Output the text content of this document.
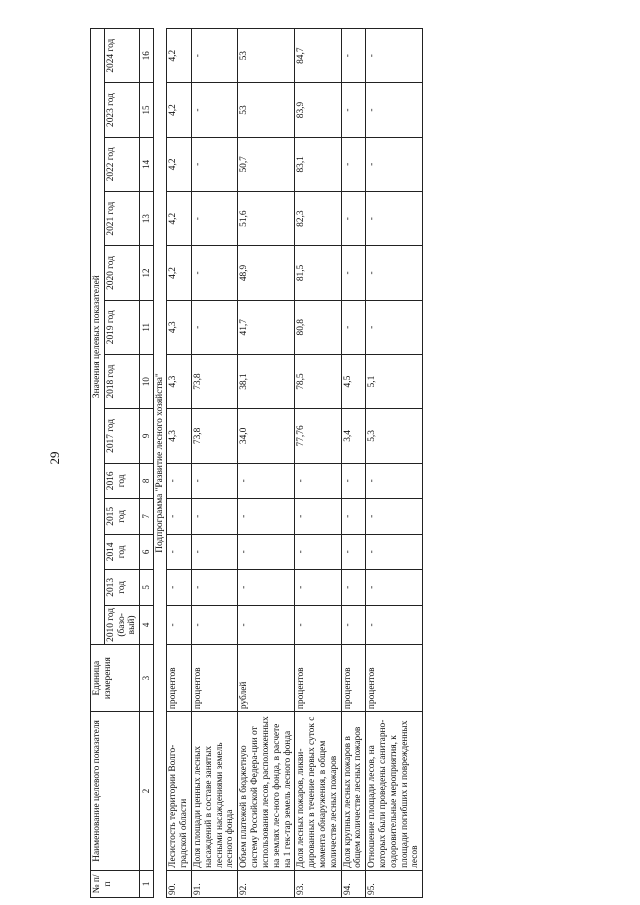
29
№ п/п	Наименование целевого показателя	Единица измерения	Значения целевых показателей												
			2010 год (базо-вый)	2013 год	2014 год	2015 год	2016 год	2017 год	2018 год	2019 год	2020 год	2021 год	2022 год	2023 год	2024 год
1	2	3	4	5	6	7	8	9	10	11	12	13	14	15	16
Подпрограмма "Развитие лесного хозяйства"															
90.	Лесистость территории Волго-градской области	процентов	-	-	-	-	-	4,3	4,3	4,3	4,2	4,2	4,2	4,2	4,2
91.	Доля площади ценных лесных насаждений в составе занятых лесными насаждениями земель лесного фонда	процентов	-	-	-	-	-	73,8	73,8	-	-	-	-	-	-
92.	Объем платежей в бюджетную систему Российской Федера-ции от использования лесов, расположенных на землях лес-ного фонда, в расчете на 1 гек-тар земель лесного фонда	рублей	-	-	-	-	-	34,0	38,1	41,7	48,9	51,6	50,7	53	53
93.	Доля лесных пожаров, ликви-дированных в течение первых суток с момента обнаружения, в общем количестве лесных пожаров	процентов	-	-	-	-	-	77,76	78,5	80,8	81,5	82,3	83,1	83,9	84,7
94.	Доля крупных лесных пожаров в общем количестве лесных пожаров	процентов	-	-	-	-	-	3,4	4,5	-	-	-	-	-	-
95.	Отношение площади лесов, на которых были проведены санитарно-оздоровительные мероприятия, к площади погибших и поврежденных лесов	процентов	-	-	-	-	-	5,3	5,1	-	-	-	-	-	-
